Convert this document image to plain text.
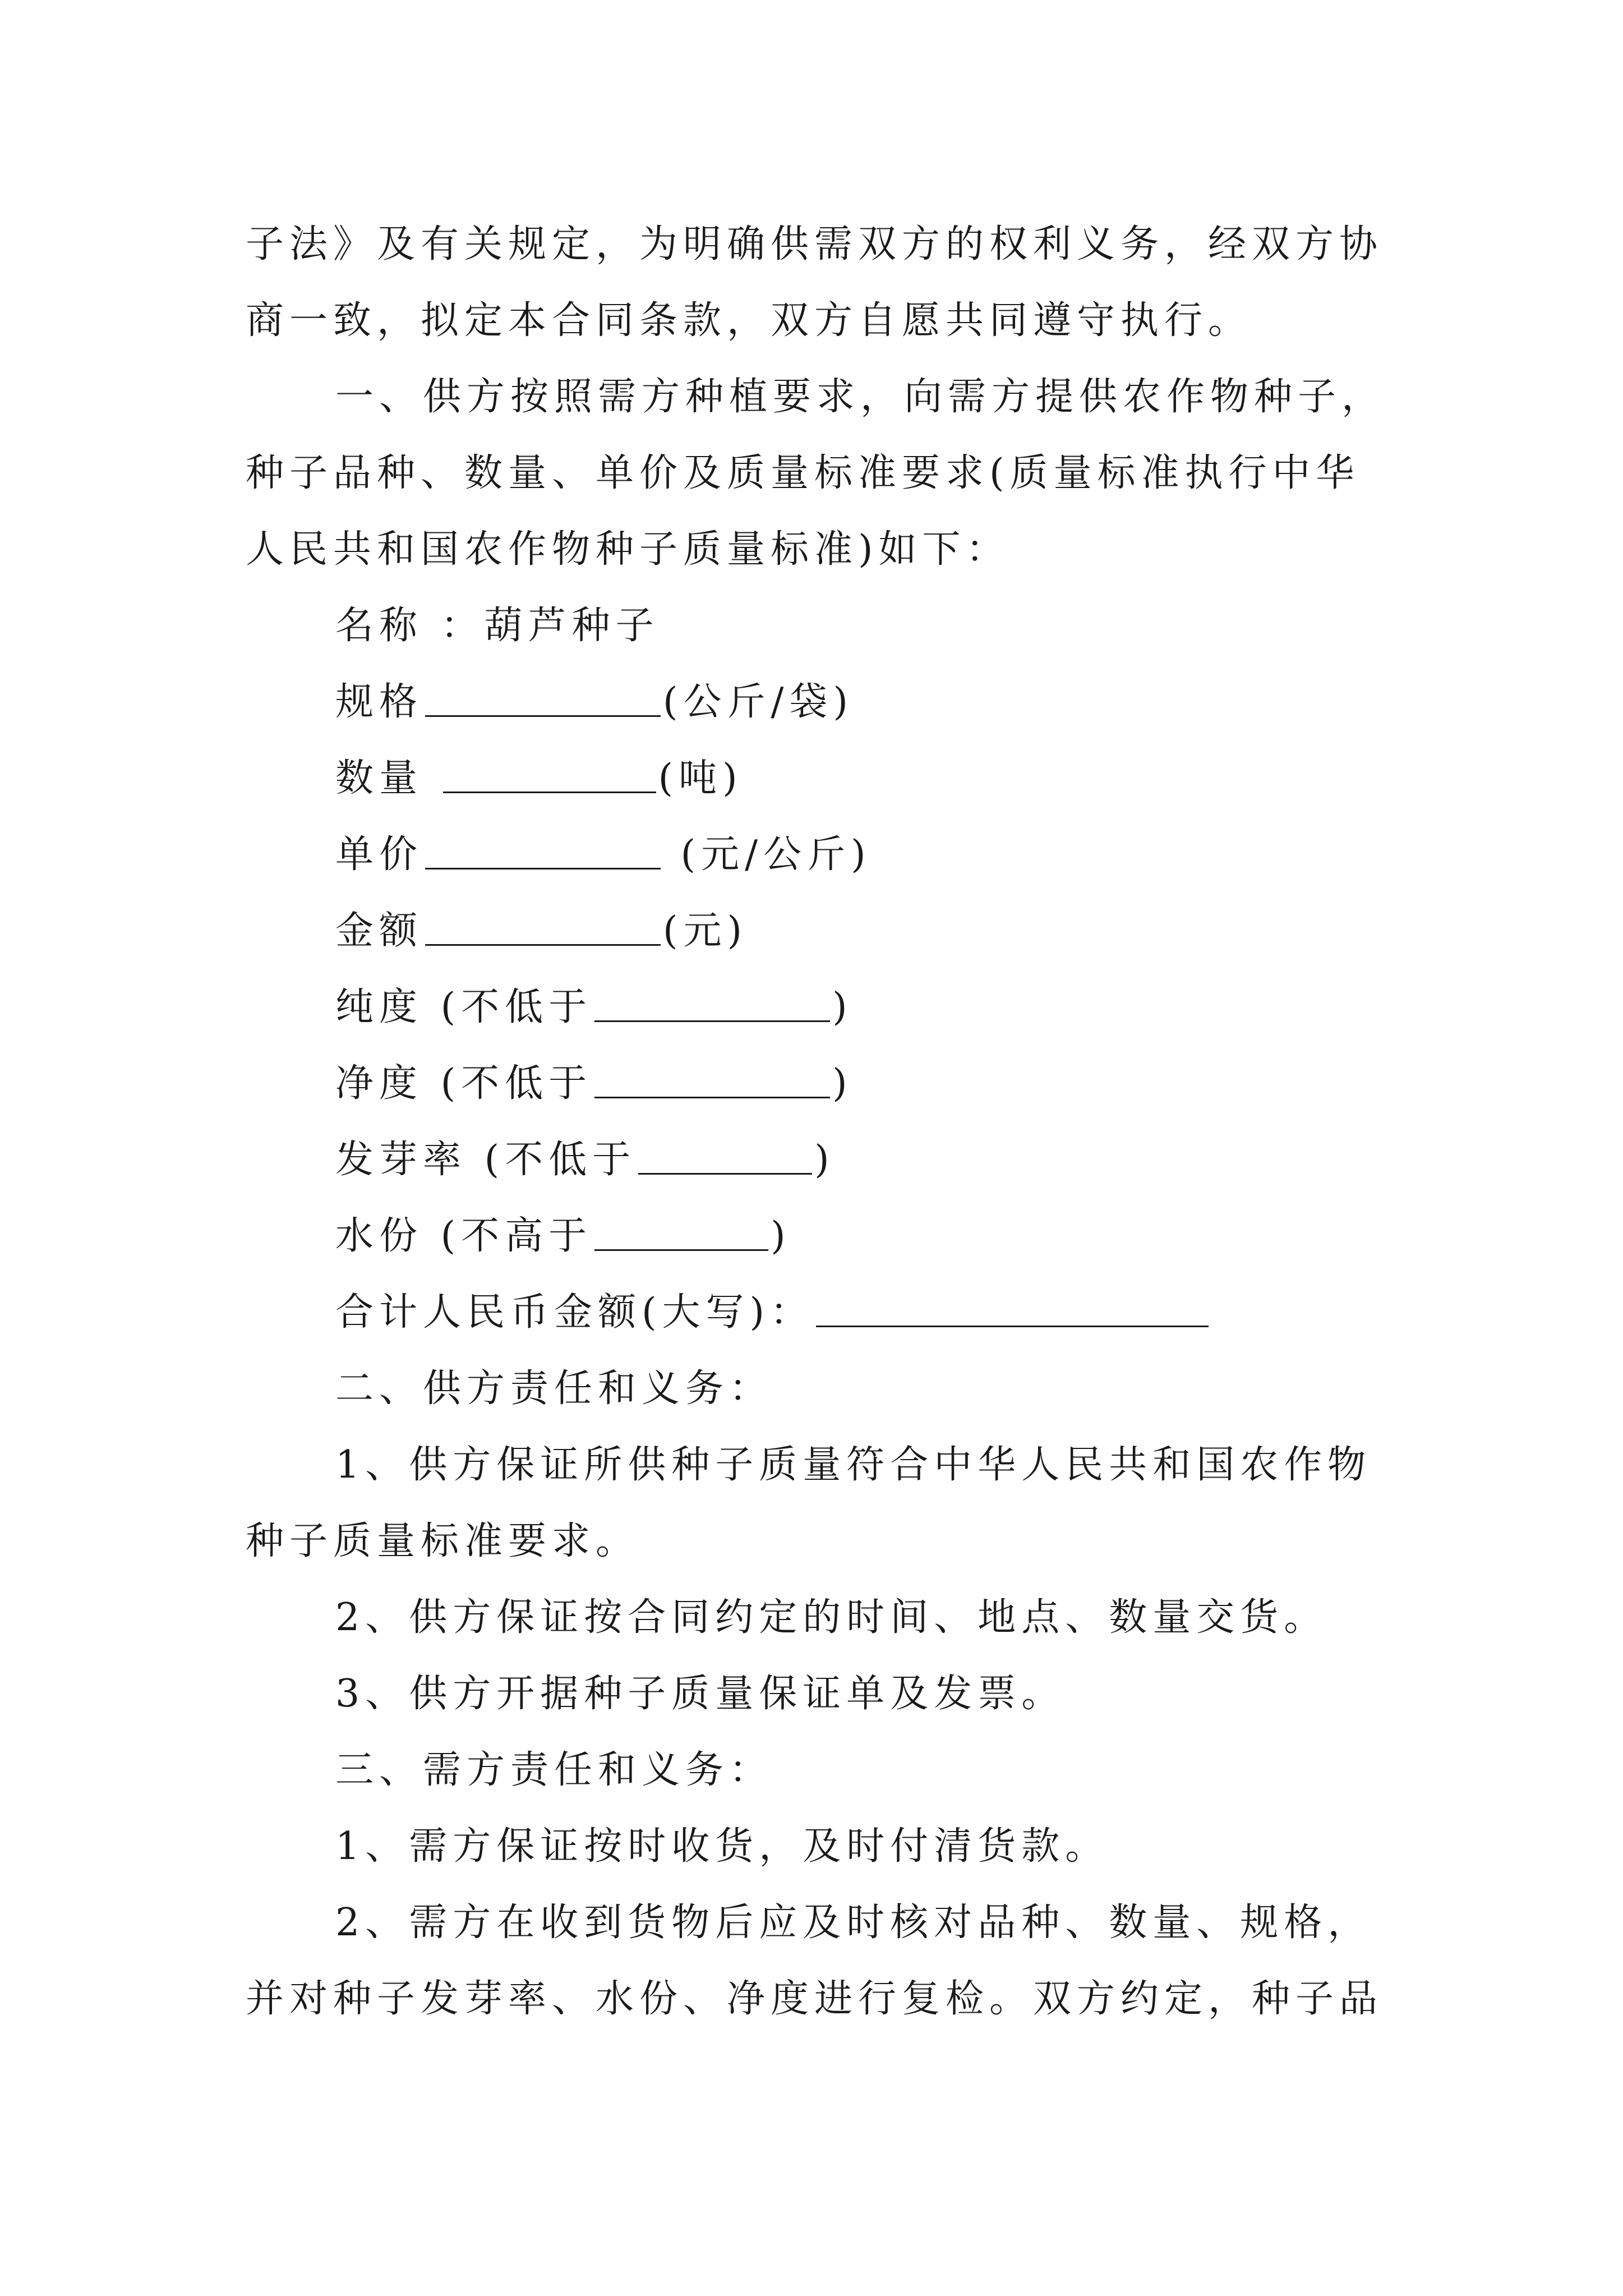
子法》及有关规定，为明确供需双方的权利义务，经双方协
商一致，拟定本合同条款，双方自愿共同遵守执行。
一、供方按照需方种植要求，向需方提供农作物种子，
种子品种、数量、单价及质量标准要求(质量标准执行中华
人民共和国农作物种子质量标准)如下：
名称 ：葫芦种子
规格	(公斤/袋)
数量	(吨)
单价	(元/公斤)
金额	(元)
纯度 (不低于	)
净度 (不低于	)
发芽率 (不低于	)
水份 (不高于	)
合计人民币金额(大写)：
二、供方责任和义务：
1、供方保证所供种子质量符合中华人民共和国农作物
种子质量标准要求。
2、供方保证按合同约定的时间、地点、数量交货。
3、供方开据种子质量保证单及发票。
三、需方责任和义务：
1、需方保证按时收货，及时付清货款。
2、需方在收到货物后应及时核对品种、数量、规格，
并对种子发芽率、水份、净度进行复检。双方约定，种子品
